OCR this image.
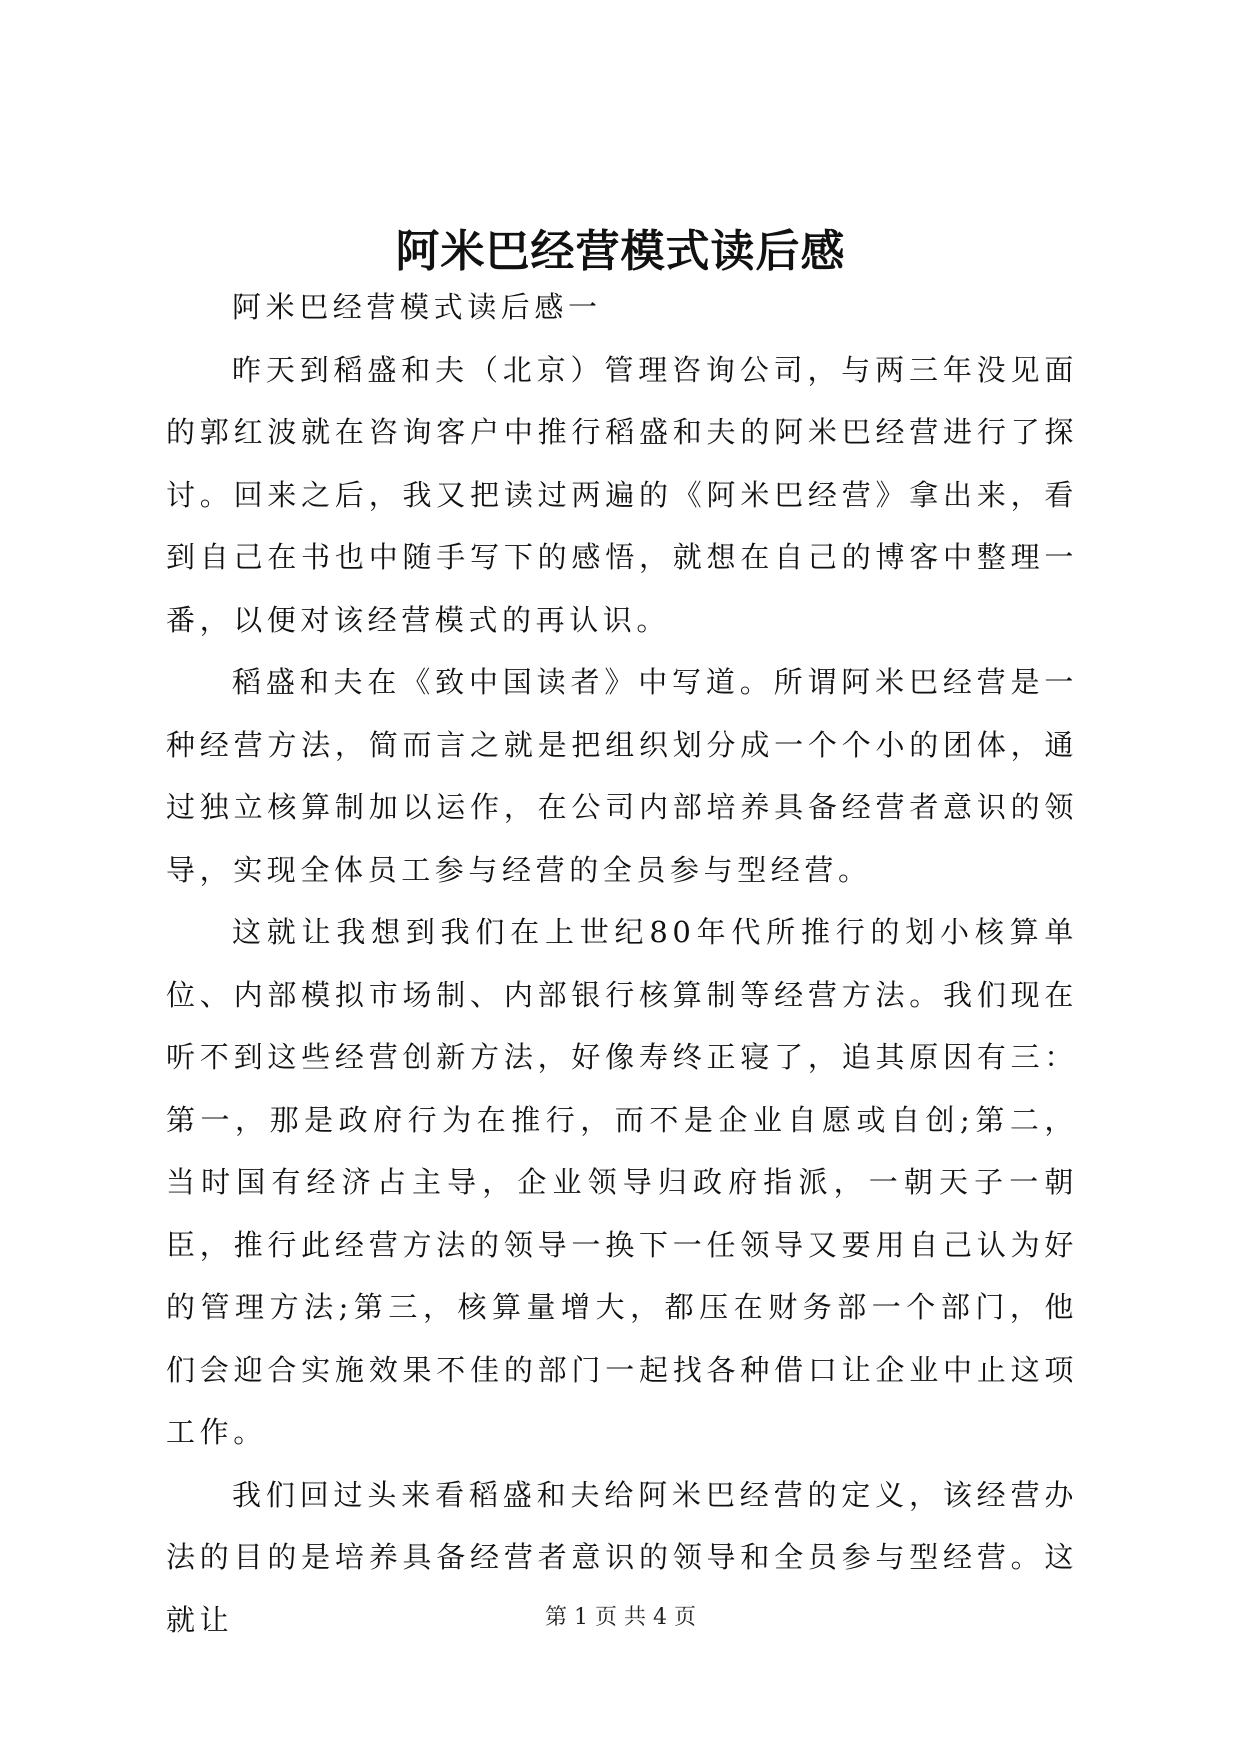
阿米巴经营模式读后感

阿米巴经营模式读后感一

昨天到稻盛和夫（北京）管理咨询公司，与两三年没见面的郭红波就在咨询客户中推行稻盛和夫的阿米巴经营进行了探讨。回来之后，我又把读过两遍的《阿米巴经营》拿出来，看到自己在书也中随手写下的感悟，就想在自己的博客中整理一番，以便对该经营模式的再认识。

稻盛和夫在《致中国读者》中写道。所谓阿米巴经营是一种经营方法，简而言之就是把组织划分成一个个小的团体，通过独立核算制加以运作，在公司内部培养具备经营者意识的领导，实现全体员工参与经营的全员参与型经营。

这就让我想到我们在上世纪80年代所推行的划小核算单位、内部模拟市场制、内部银行核算制等经营方法。我们现在听不到这些经营创新方法，好像寿终正寝了，追其原因有三：第一，那是政府行为在推行，而不是企业自愿或自创;第二，当时国有经济占主导，企业领导归政府指派，一朝天子一朝臣，推行此经营方法的领导一换下一任领导又要用自己认为好的管理方法;第三，核算量增大，都压在财务部一个部门，他们会迎合实施效果不佳的部门一起找各种借口让企业中止这项工作。

我们回过头来看稻盛和夫给阿米巴经营的定义，该经营办法的目的是培养具备经营者意识的领导和全员参与型经营。这就让	第 1 页 共 4 页
